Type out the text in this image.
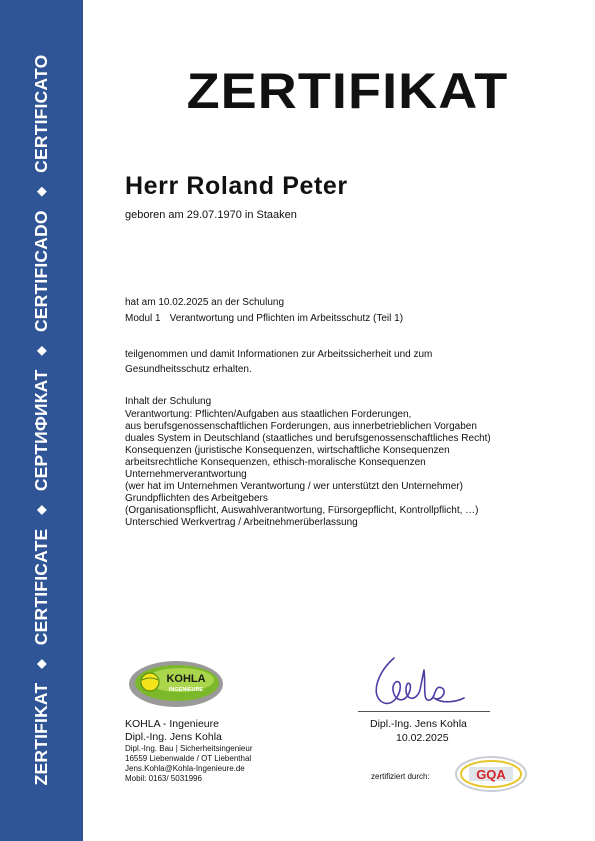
ZERTIFIKAT◆CERTIFICATE◆СЕРТИФИКАТ◆CERTIFICADO◆CERTIFICATO	ZERTIFIKAT
Herr Roland Peter
geboren am 29.07.1970 in Staaken
hat am 10.02.2025 an der Schulung
Modul 1 Verantwortung und Pflichten im Arbeitsschutz (Teil 1)
teilgenommen und damit Informationen zur Arbeitssicherheit und zum
Gesundheitsschutz erhalten.
Inhalt der Schulung
Verantwortung: Pflichten/Aufgaben aus staatlichen Forderungen,
aus berufsgenossenschaftlichen Forderungen, aus innerbetrieblichen Vorgaben
duales System in Deutschland (staatliches und berufsgenossenschaftliches Recht)
Konsequenzen (juristische Konsequenzen, wirtschaftliche Konsequenzen
arbeitsrechtliche Konsequenzen, ethisch-moralische Konsequenzen
Unternehmerverantwortung
(wer hat im Unternehmen Verantwortung / wer unterstützt den Unternehmer)
Grundpflichten des Arbeitgebers
(Organisationspflicht, Auswahlverantwortung, Fürsorgepflicht, Kontrollpflicht, …)
Unterschied Werkvertrag / Arbeitnehmerüberlassung
KOHLA
INGENIEURE
KOHLA - Ingenieure
Dipl.-Ing. Jens Kohla
Dipl.-Ing. Bau | Sicherheitsingenieur
16559 Liebenwalde / OT Liebenthal
Jens.Kohla@Kohla-Ingenieure.de
Mobil: 0163/ 5031996
Dipl.-Ing. Jens Kohla
10.02.2025
zertifiziert durch:	GQA
